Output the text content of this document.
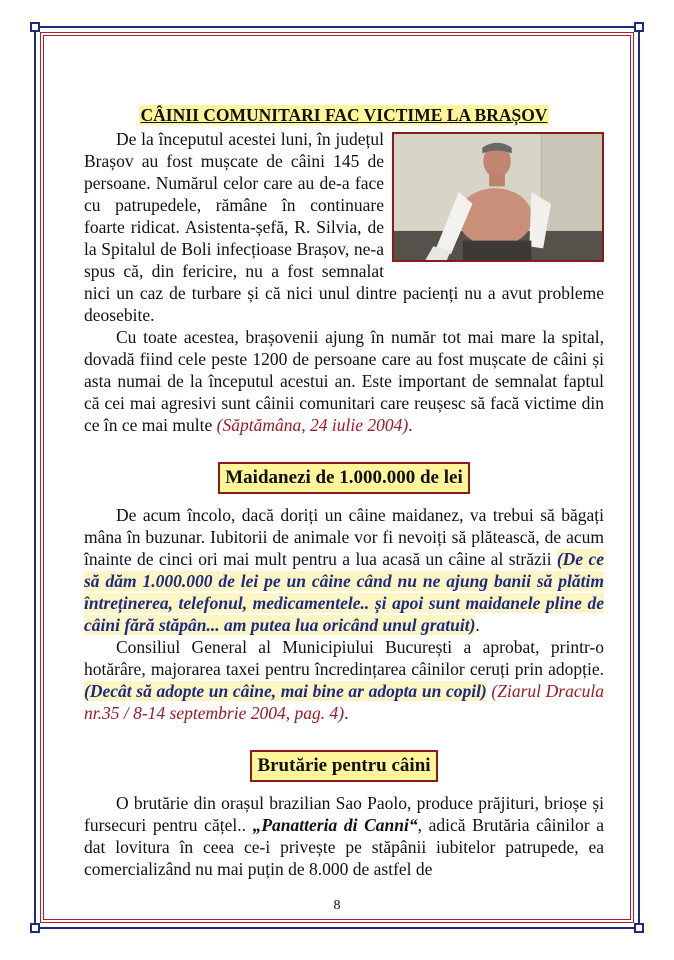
CÂINII COMUNITARI FAC VICTIME LA BRAȘOV

De la începutul acestei luni, în județul Brașov au fost mușcate de câini 145 de persoane. Numărul celor care au de-a face cu patrupedele, rămâne în continuare foarte ridicat. Asistenta-șefă, R. Silvia, de la Spitalul de Boli infecțioase Brașov, ne-a spus că, din fericire, nu a fost semnalat nici un caz de turbare și că nici unul dintre pacienți nu a avut probleme deosebite.

Cu toate acestea, brașovenii ajung în număr tot mai mare la spital, dovadă fiind cele peste 1200 de persoane care au fost mușcate de câini și asta numai de la începutul acestui an. Este important de semnalat faptul că cei mai agresivi sunt câinii comunitari care reușesc să facă victime din ce în ce mai multe (Săptămâna, 24 iulie 2004).

Maidanezi de 1.000.000 de lei

De acum încolo, dacă doriți un câine maidanez, va trebui să băgați mâna în buzunar. Iubitorii de animale vor fi nevoiți să plătească, de acum înainte de cinci ori mai mult pentru a lua acasă un câine al străzii (De ce să dăm 1.000.000 de lei pe un câine când nu ne ajung banii să plătim întreținerea, telefonul, medicamentele.. și apoi sunt maidanele pline de câini fără stăpân... am putea lua oricând unul gratuit).

Consiliul General al Municipiului București a aprobat, printr-o hotărâre, majorarea taxei pentru încredințarea câinilor ceruți prin adopție. (Decât să adopte un câine, mai bine ar adopta un copil) (Ziarul Dracula nr.35 / 8-14 septembrie 2004, pag. 4).

Brutărie pentru câini

O brutărie din orașul brazilian Sao Paolo, produce prăjituri, brioșe și fursecuri pentru cățel.. „Panatteria di Canni“, adică Brutăria câinilor a dat lovitura în ceea ce-i privește pe stăpânii iubitelor patrupede, ea comercializând nu mai puțin de 8.000 de astfel de

8
